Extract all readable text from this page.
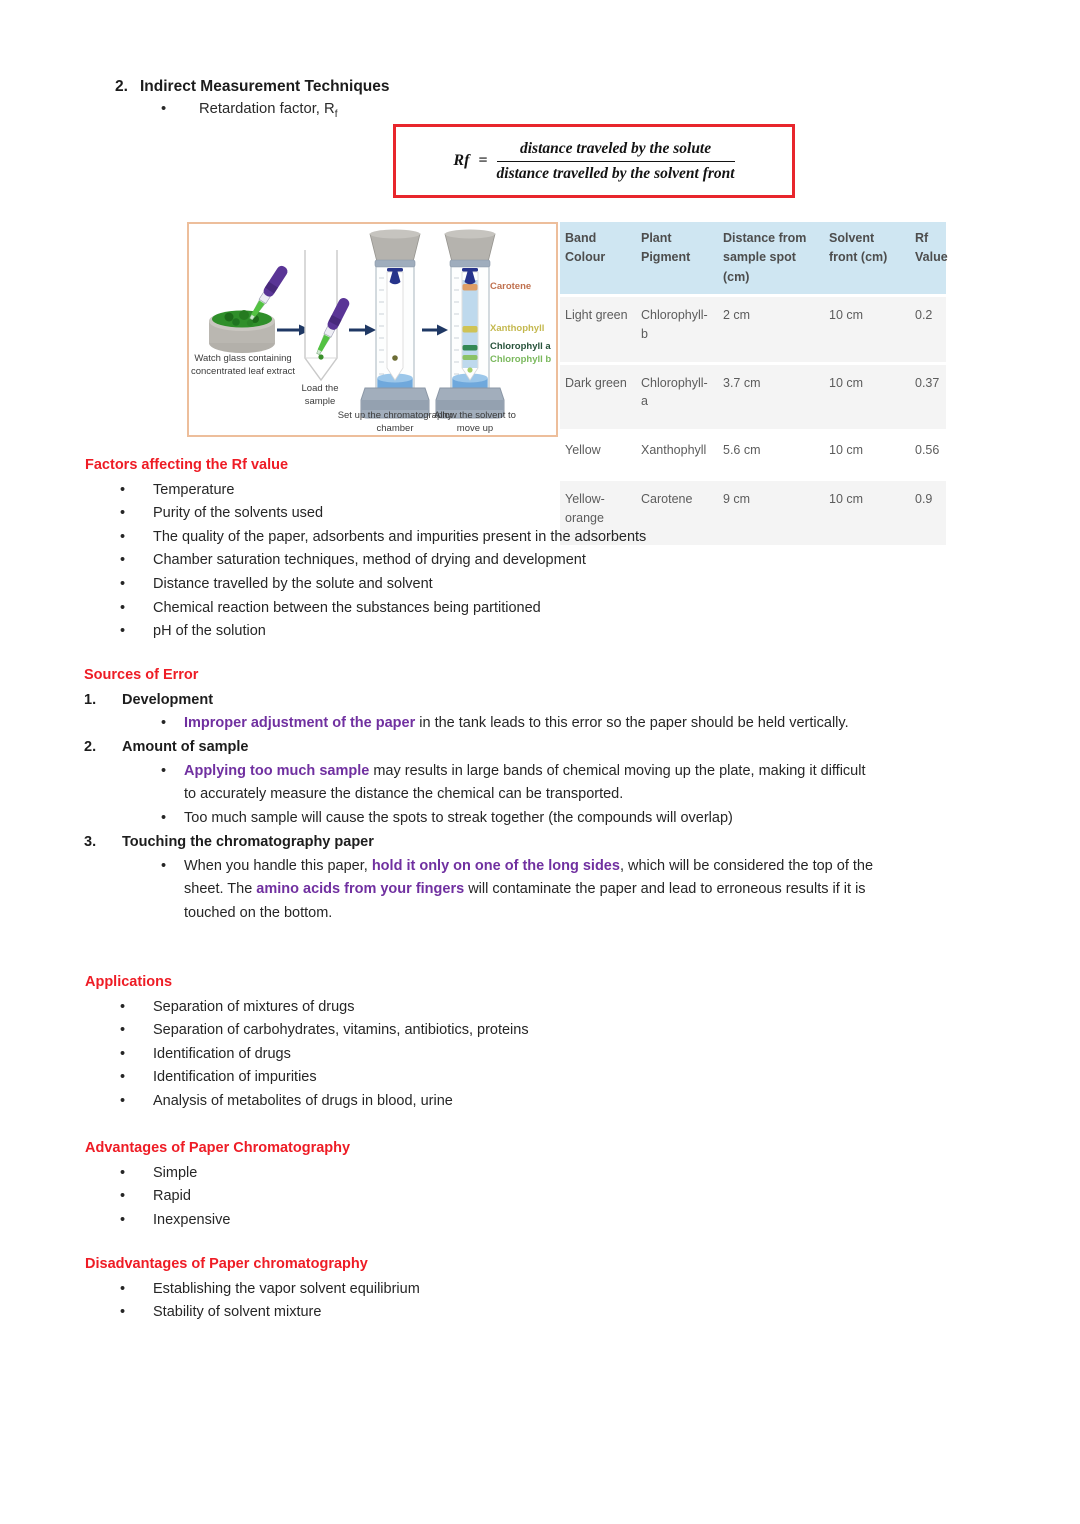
2. Indirect Measurement Techniques
•	Retardation factor, $R_f$
$Rf = \frac{\text{distance traveled by the solute}}{\text{distance travelled by the solvent front}}$
Watch glass containing concentrated leaf extract
Load the sample
Set up the chromatography chamber
Allow the solvent to move up
Carotene
Xanthophyll
Chlorophyll a
Chlorophyll b
Band Colour	Plant Pigment	Distance from sample spot (cm)	Solvent front (cm)	Rf Value
Light green	Chlorophyll-b	2 cm	10 cm	0.2
Dark green	Chlorophyll-a	3.7 cm	10 cm	0.37
Yellow	Xanthophyll	5.6 cm	10 cm	0.56
Yellow-orange	Carotene	9 cm	10 cm	0.9
Factors affecting the Rf value
•
Temperature
•
Purity of the solvents used
•
The quality of the paper, adsorbents and impurities present in the adsorbents
•
Chamber saturation techniques, method of drying and development
•
Distance travelled by the solute and solvent
•
Chemical reaction between the substances being partitioned
•
pH of the solution
Sources of Error
1.	Development
•
Improper adjustment of the paper in the tank leads to this error so the paper should be held vertically.
2.	Amount of sample
•
Applying too much sample may results in large bands of chemical moving up the plate, making it difficult to accurately measure the distance the chemical can be transported.
•
Too much sample will cause the spots to streak together (the compounds will overlap)
3.	Touching the chromatography paper
•
When you handle this paper, hold it only on one of the long sides, which will be considered the top of the sheet. The amino acids from your fingers will contaminate the paper and lead to erroneous results if it is touched on the bottom.
Applications
•
Separation of mixtures of drugs
•
Separation of carbohydrates, vitamins, antibiotics, proteins
•
Identification of drugs
•
Identification of impurities
•
Analysis of metabolites of drugs in blood, urine
Advantages of Paper Chromatography
•
Simple
•
Rapid
•
Inexpensive
Disadvantages of Paper chromatography
•
Establishing the vapor solvent equilibrium
•
Stability of solvent mixture
